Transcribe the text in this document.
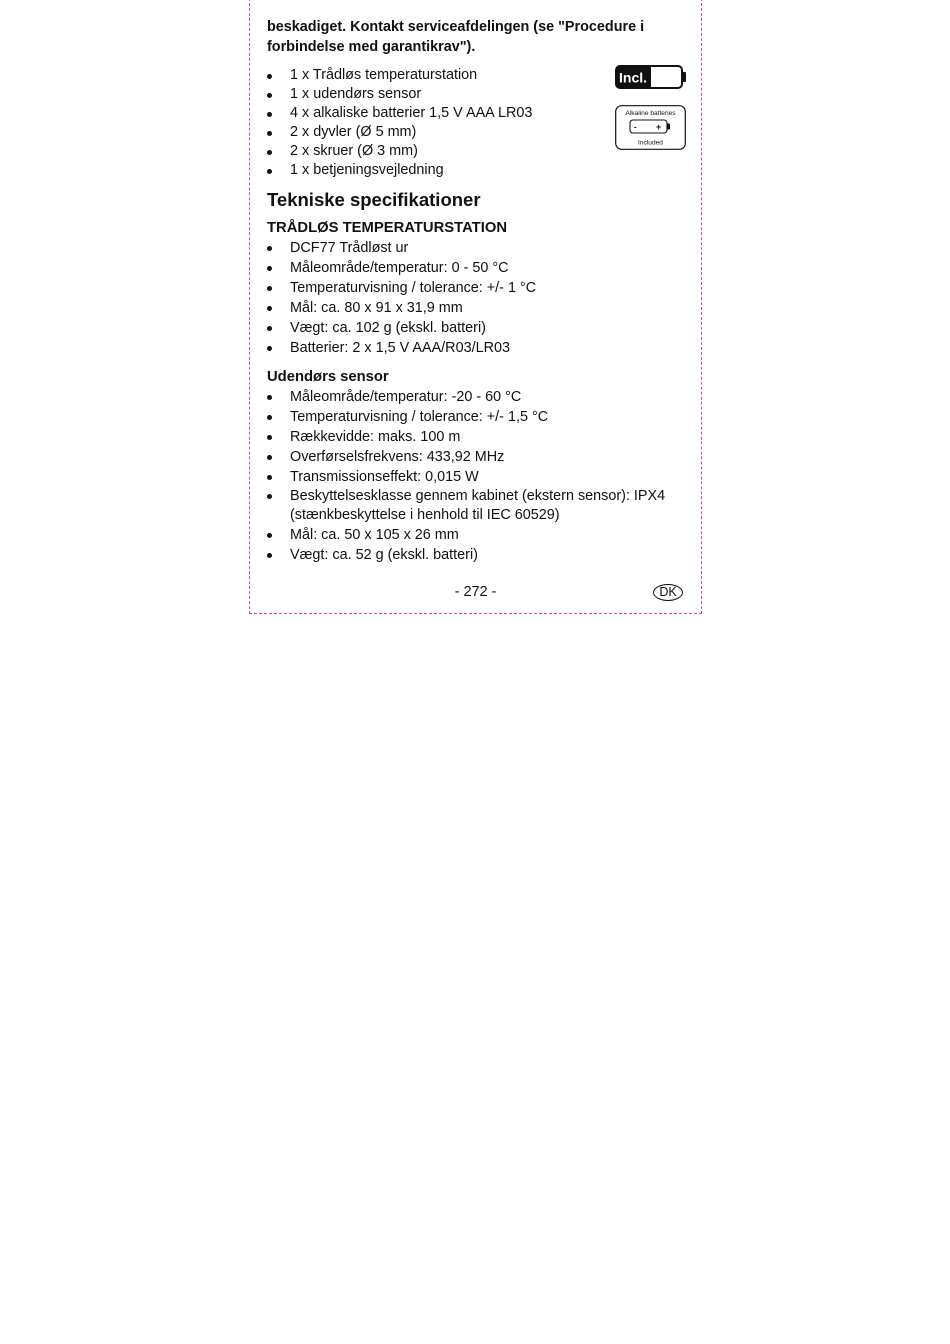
beskadiget. Kontakt serviceafdelingen (se "Procedure i forbindelse med garantikrav").

1 x Trådløs temperaturstation
1 x udendørs sensor
4 x alkaliske batterier 1,5 V AAA LR03
2 x dyvler (Ø 5 mm)
2 x skruer (Ø 3 mm)
1 x betjeningsvejledning
Tekniske specifikationer
TRÅDLØS TEMPERATURSTATION
DCF77 Trådløst ur
Måleområde/temperatur: 0 - 50 °C
Temperaturvisning / tolerance: +/- 1 °C
Mål: ca. 80 x 91 x 31,9 mm
Vægt: ca. 102 g (ekskl. batteri)
Batterier: 2 x 1,5 V AAA/R03/LR03
Udendørs sensor
Måleområde/temperatur: -20 - 60 °C
Temperaturvisning / tolerance: +/- 1,5 °C
Rækkevidde: maks. 100 m
Overførselsfrekvens: 433,92 MHz
Transmissionseffekt: 0,015 W
Beskyttelsesklasse gennem kabinet (ekstern sensor): IPX4 (stænkbeskyttelse i henhold til IEC 60529)
Mål: ca. 50 x 105 x 26 mm
Vægt: ca. 52 g (ekskl. batteri)
Incl.
Alkaline batteries
- +
Included
- 272 -	DK
